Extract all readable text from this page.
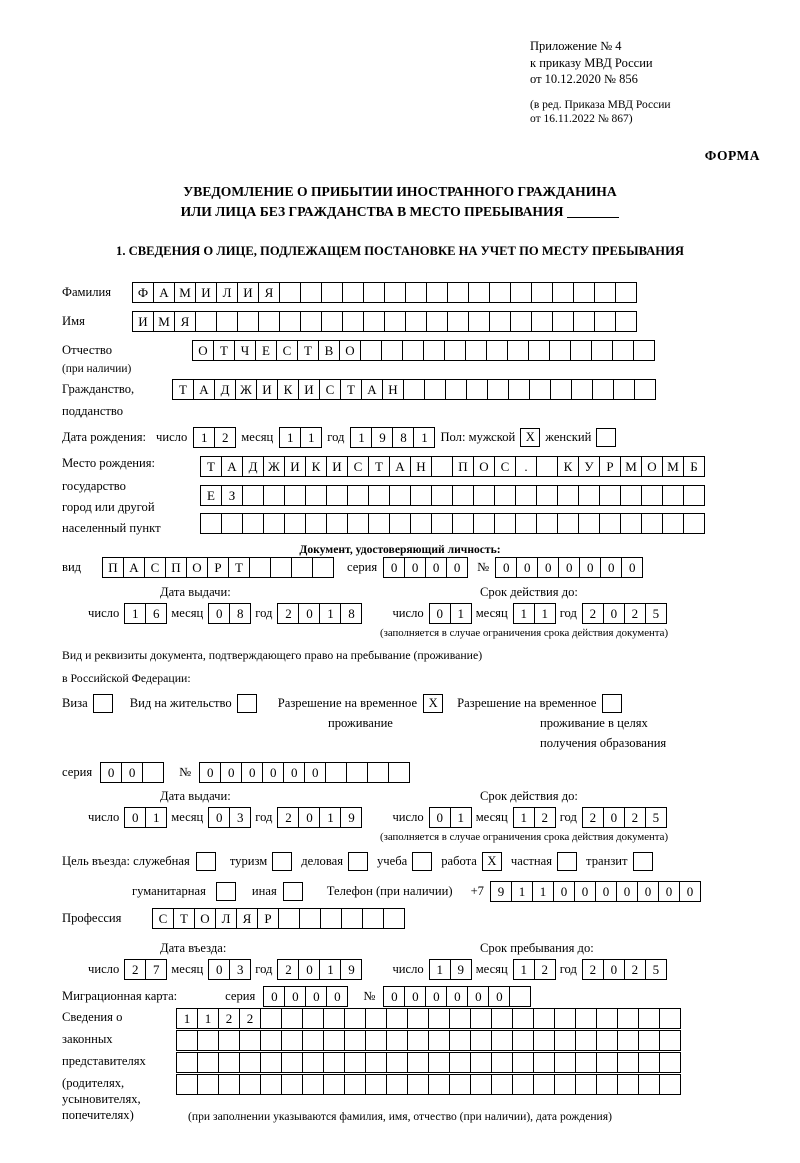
Приложение № 4
к приказу МВД России
от 10.12.2020 № 856
(в ред. Приказа МВД России
от 16.11.2022 № 867)
ФОРМА
УВЕДОМЛЕНИЕ О ПРИБЫТИИ ИНОСТРАННОГО ГРАЖДАНИНА
ИЛИ ЛИЦА БЕЗ ГРАЖДАНСТВА В МЕСТО ПРЕБЫВАНИЯ
1. СВЕДЕНИЯ О ЛИЦЕ, ПОДЛЕЖАЩЕМ ПОСТАНОВКЕ НА УЧЕТ ПО МЕСТУ ПРЕБЫВАНИЯ
Фамилия	Ф А М И Л И Я
Имя	И М Я
Отчество	О Т Ч Е С Т В О
(при наличии)
Гражданство,	Т А Д Ж И К И С Т А Н
подданство
Дата рождения: число	1	2	месяц	1	1	год	1	9	8	1	Пол: мужской Х женский
Место рождения:	Т А Д Ж И К И С Т А Н	П О С	.	К У Р М О М Б
государство
Е	З
город или другой
населенный пункт
Документ, удостоверяющий личность:
вид	П А С П О Р	Т	серия	0	0	0	0	№	0	0	0	0	0	0	0
Дата выдачи:	Срок действия до:
число 1	6 месяц 0	8 год 2	0	1	8	число 0	1 месяц 1	1 год 2	0	2	5
(заполняется в случае ограничения срока действия документа)
Вид и реквизиты документа, подтверждающего право на пребывание (проживание)
в Российской Федерации:
Виза	Вид на жительство	Разрешение на временное Х	Разрешение на временное
проживание	проживание в целях
получения образования
серия	0	0	№	0	0	0	0	0	0
Дата выдачи:	Срок действия до:
число 0	1 месяц 0	3 год 2	0	1	9	число 0	1 месяц 1	2 год 2	0	2	5
(заполняется в случае ограничения срока действия документа)
Цель въезда: служебная	туризм	деловая	учеба	работа Х	частная	транзит
гуманитарная	иная	Телефон (при наличии) +7	9	1	1	0	0	0	0	0	0	0
Профессия	С Т О Л Я	Р
Дата въезда:	Срок пребывания до:
число 2	7 месяц 0	3 год 2	0	1	9	число 1	9 месяц 1	2 год 2	0	2	5
Миграционная карта:	серия	0	0	0	0	№	0	0	0	0	0	0
Сведения о
законных
представителях
(родителях,
усыновителях,
попечителях)
1	1	2	2
(при заполнении указываются фамилия, имя, отчество (при наличии), дата рождения)
